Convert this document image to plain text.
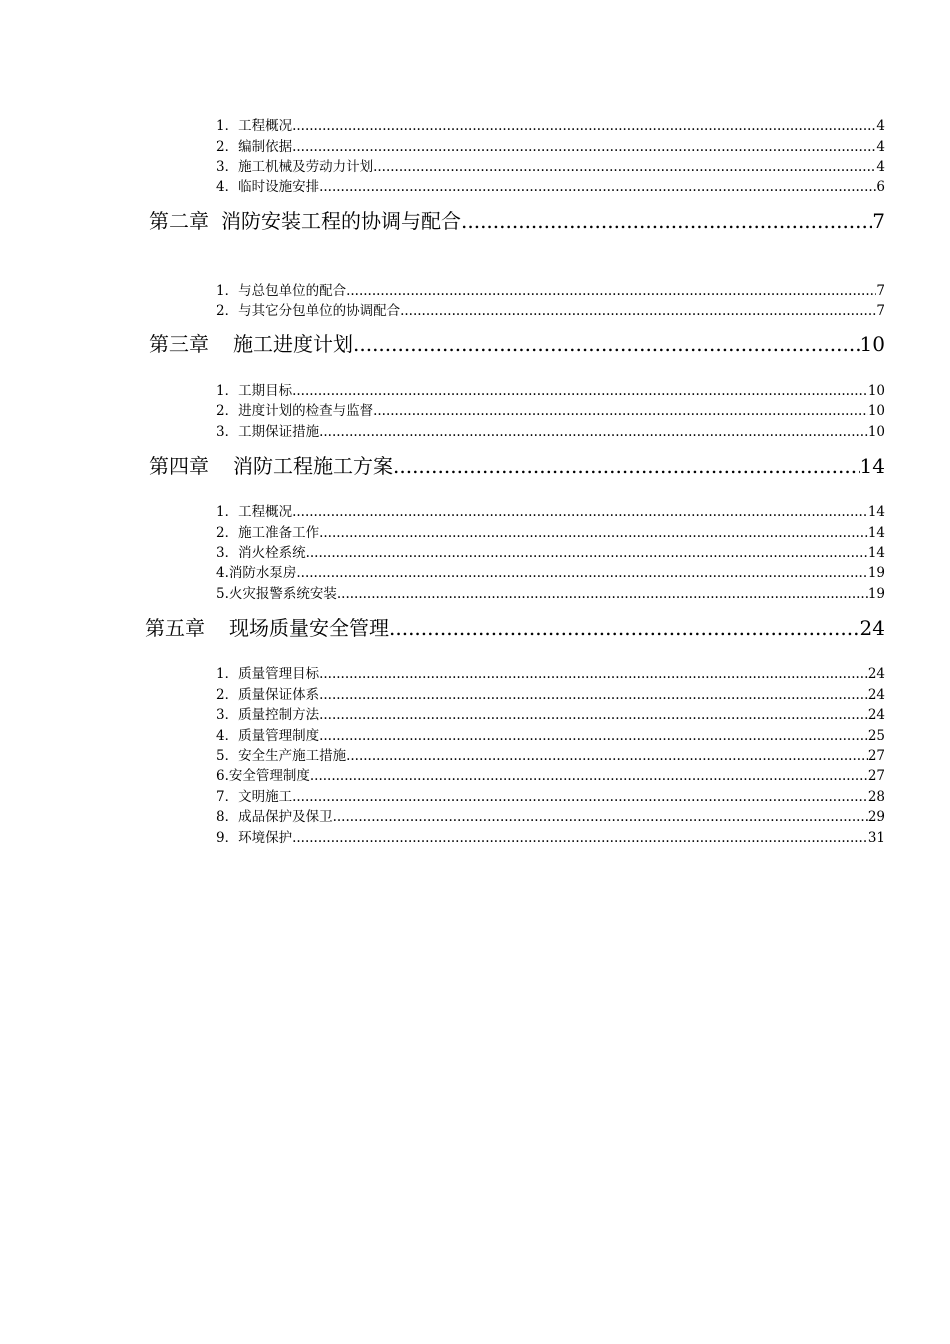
1． 工程概况 .....	4
2． 编制依据 .....	4
3． 施工机械及劳动力计划 .....	4
4． 临时设施安排 .....	6
第二章 消防安装工程的协调与配合 .....	7
1． 与总包单位的配合 .....	7
2． 与其它分包单位的协调配合 .....	7
第三章 施工进度计划 .....	10
1． 工期目标 .....	10
2． 进度计划的检查与监督 .....	10
3． 工期保证措施 .....	10
第四章 消防工程施工方案 .....	14
1． 工程概况 .....	14
2． 施工准备工作 .....	14
3． 消火栓系统 .....	14
4. 消防水泵房 .....	19
5. 火灾报警系统安装 .....	19
第五章 现场质量安全管理 .....	24
1． 质量管理目标 .....	24
2． 质量保证体系 .....	24
3． 质量控制方法 .....	24
4． 质量管理制度 .....	25
5． 安全生产施工措施 .....	27
6. 安全管理制度 .....	27
7． 文明施工 .....	28
8． 成品保护及保卫 .....	29
9． 环境保护 .....	31
